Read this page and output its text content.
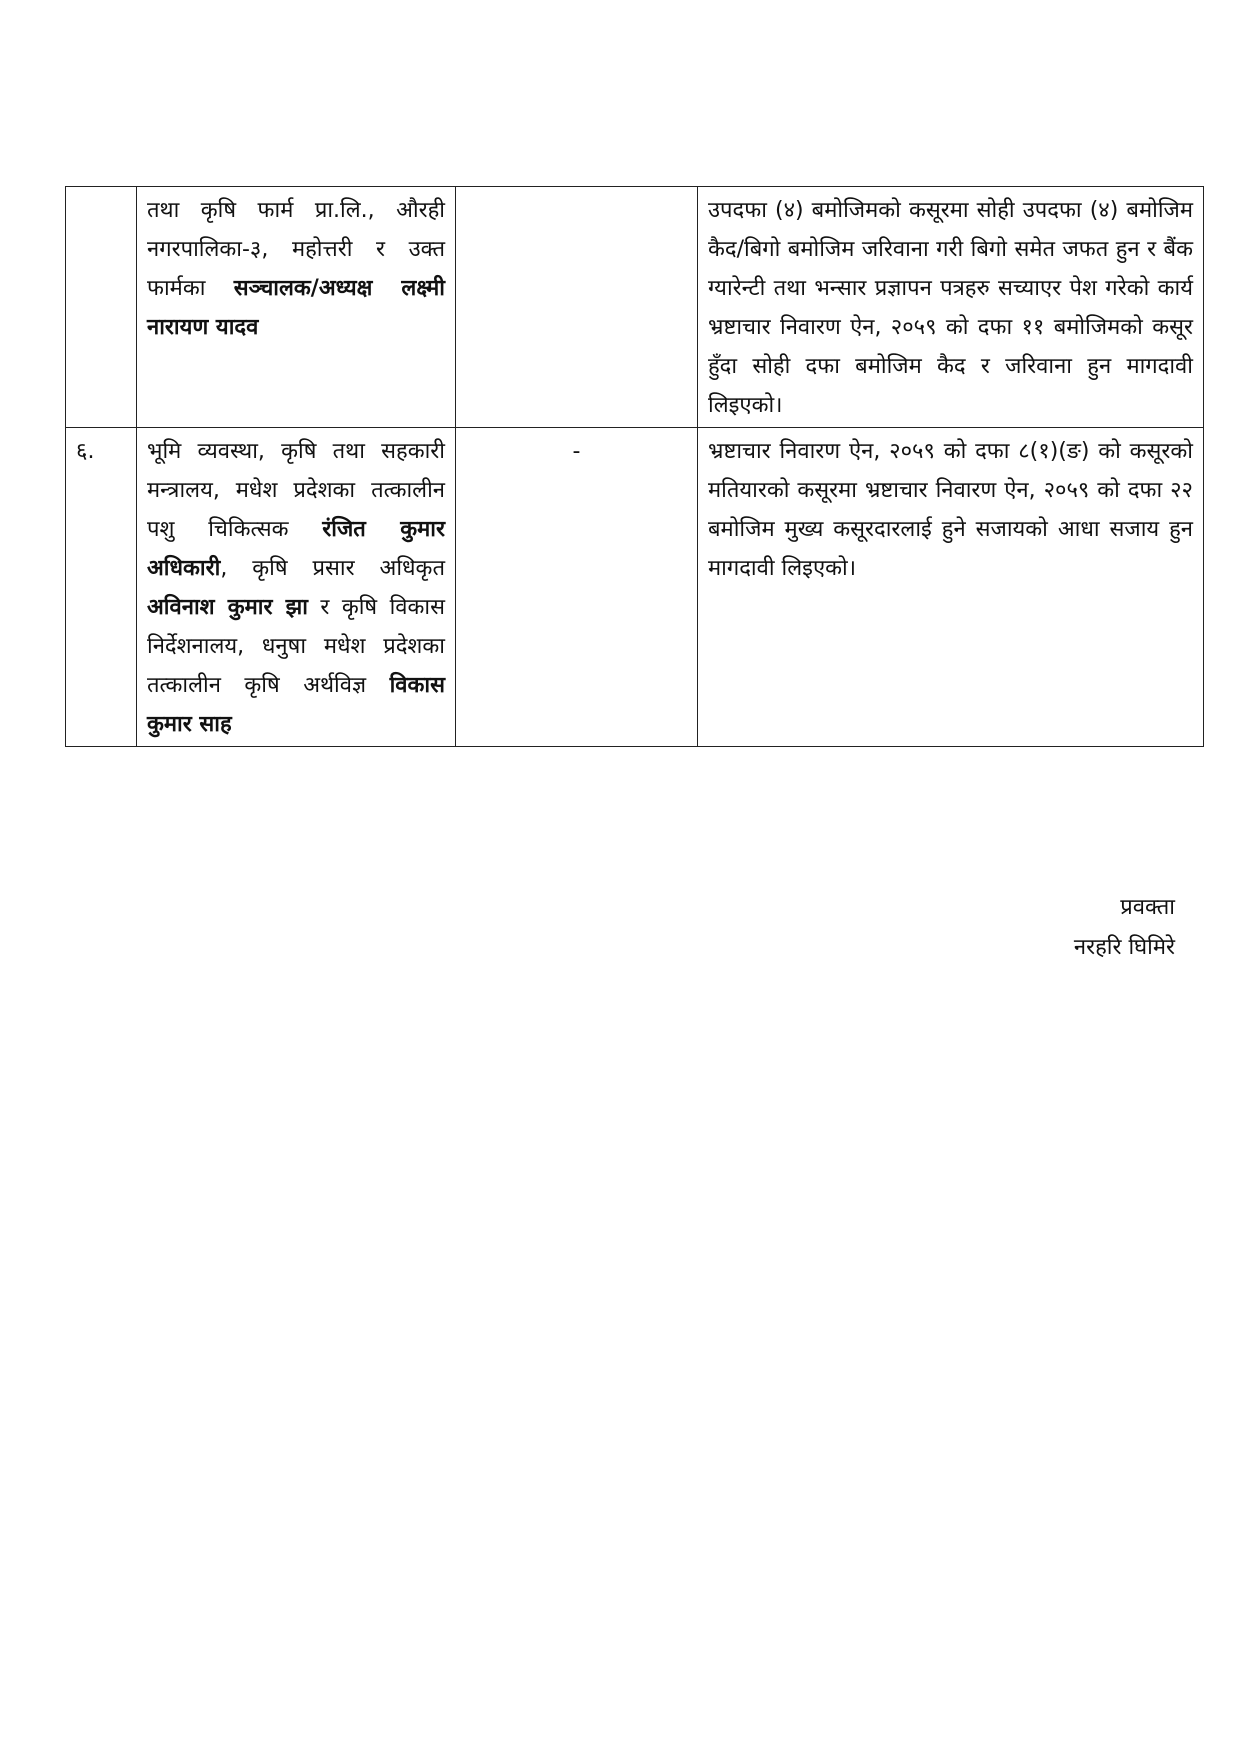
	तथा कृषि फार्म प्रा.लि., औरही नगरपालिका-३, महोत्तरी र उक्त फार्मका सञ्चालक/अध्यक्ष लक्ष्मी नारायण यादव		उपदफा (४) बमोजिमको कसूरमा सोही उपदफा (४) बमोजिम कैद/बिगो बमोजिम जरिवाना गरी बिगो समेत जफत हुन र बैंक ग्यारेन्टी तथा भन्सार प्रज्ञापन पत्रहरु सच्याएर पेश गरेको कार्य भ्रष्टाचार निवारण ऐन, २०५९ को दफा ११ बमोजिमको कसूर हुँदा सोही दफा बमोजिम कैद र जरिवाना हुन मागदावी लिइएको।
६.	भूमि व्यवस्था, कृषि तथा सहकारी मन्त्रालय, मधेश प्रदेशका तत्कालीन पशु चिकित्सक रंजित कुमार अधिकारी, कृषि प्रसार अधिकृत अविनाश कुमार झा र कृषि विकास निर्देशनालय, धनुषा मधेश प्रदेशका तत्कालीन कृषि अर्थविज्ञ विकास कुमार साह	-	भ्रष्टाचार निवारण ऐन, २०५९ को दफा ८(१)(ङ) को कसूरको मतियारको कसूरमा भ्रष्टाचार निवारण ऐन, २०५९ को दफा २२ बमोजिम मुख्य कसूरदारलाई हुने सजायको आधा सजाय हुन मागदावी लिइएको।
प्रवक्ता
नरहरि घिमिरे
